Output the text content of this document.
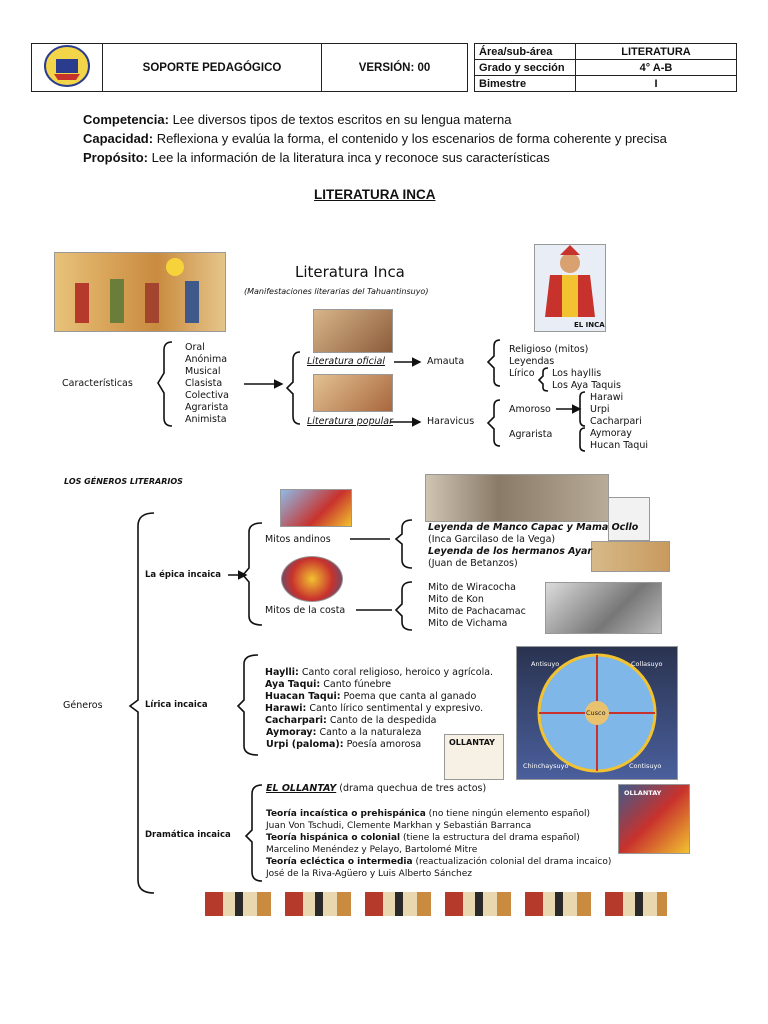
	SOPORTE PEDAGÓGICO	VERSIÓN: 00
Área/sub-área	LITERATURA
Grado y sección	4° A-B
Bimestre	I
Competencia: Lee diversos tipos de textos escritos en su lengua materna
Capacidad: Reflexiona y evalúa la forma, el contenido y los escenarios de forma coherente y precisa
Propósito: Lee la información de la literatura inca y reconoce sus características
LITERATURA INCA
EL INCA
Antisuyo	Collasuyo
Chinchaysuyo	Contisuyo
Cusco
OLLANTAY
OLLANTAY
Literatura Inca
(Manifestaciones literarias del Tahuantinsuyo)
Características
Oral
Anónima
Musical
Clasista
Colectiva
Agrarista
Animista
Literatura oficial
Literatura popular
Amauta
Haravicus
Religioso (mitos)
Leyendas
Lírico Los hayllis
Los Aya Taquis
Amoroso
Agrarista
Harawi
Urpi
Cacharpari
Aymoray
Hucan Taqui
LOS GÉNEROS LITERARIOS
Géneros
La épica incaica
Lírica incaica
Dramática incaica
Mitos andinos
Mitos de la costa
Leyenda de Manco Capac y Mama Ocllo
(Inca Garcilaso de la Vega)
Leyenda de los hermanos Ayar
(Juan de Betanzos)
Mito de Wiracocha
Mito de Kon
Mito de Pachacamac
Mito de Vichama
Haylli: Canto coral religioso, heroico y agrícola.
Aya Taqui: Canto fúnebre
Huacan Taqui: Poema que canta al ganado
Harawi: Canto lírico sentimental y expresivo.
Cacharpari: Canto de la despedida
Aymoray: Canto a la naturaleza
Urpi (paloma): Poesía amorosa
EL OLLANTAY (drama quechua de tres actos)
Teoría incaística o prehispánica (no tiene ningún elemento español)
Juan Von Tschudi, Clemente Markhan y Sebastián Barranca
Teoría hispánica o colonial (tiene la estructura del drama español)
Marcelino Menéndez y Pelayo, Bartolomé Mitre
Teoría ecléctica o intermedia (reactualización colonial del drama incaico)
José de la Riva-Agüero y Luis Alberto Sánchez
